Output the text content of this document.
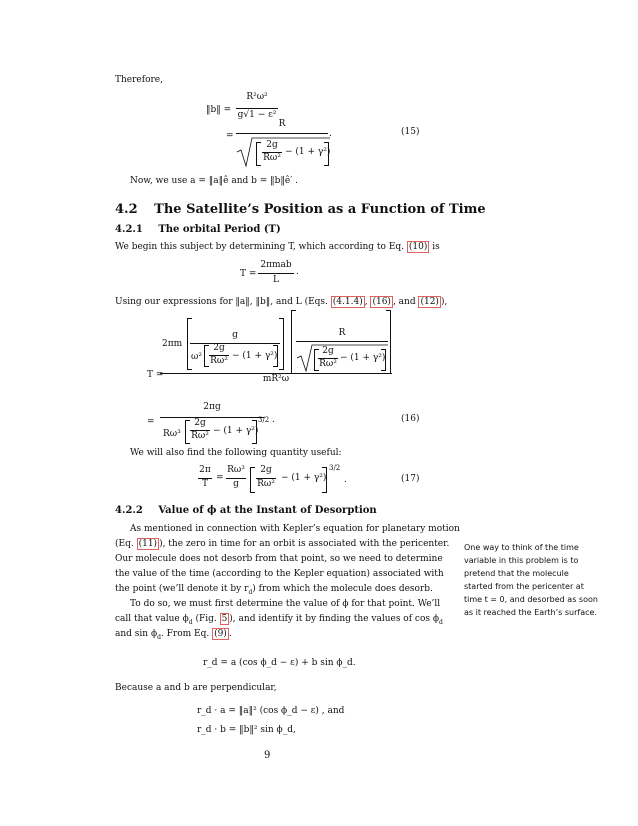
Therefore,
‖b‖ =
R²ω²
g√1 − ε²
=
R
2g
Rω²
− (1 + γ²)
.	(15)
Now, we use a = ‖a‖ê and b = ‖b‖ê′ .
4.2 The Satellite’s Position as a Function of Time
4.2.1 The orbital Period (T)
We begin this subject by determining T, which according to Eq. (10) is
T =
2πmab
L
.
Using our expressions for ‖a‖, ‖b‖, and L (Eqs. (4.1.4) , (16) , and (12) ),
T =
2πm
g
ω²
2g
Rω² − (1 + γ²)
R
2g
Rω²
− (1 + γ²)
mR²ω
=
2πg
Rω³
2g
Rω² − (1 + γ²)
3/2 .	(16)
We will also find the following quantity useful:
2π
T
=
Rω³
g
2g
Rω²
− (1 + γ²)
3/2
.	(17)
4.2.2 Value of ϕ at the Instant of Desorption
As mentioned in connection with Kepler’s equation for planetary motion
(Eq. (11) ), the zero in time for an orbit is associated with the pericenter.
Our molecule does not desorb from that point, so we need to determine
the value of the time (according to the Kepler equation) associated with
the point (we’ll denote it by $r_d$) from which the molecule does desorb.
To do so, we must first determine the value of ϕ for that point. We’ll
call that value $\phi_d$ (Fig. 5 ), and identify it by finding the values of $\cos \phi_d$
and $\sin \phi_d$. From Eq. (9) .
r_d = a (cos ϕ_d − ε) + b sin ϕ_d.
Because a and b are perpendicular,
r_d · a = ‖a‖² (cos ϕ_d − ε) , and
r_d · b = ‖b‖² sin ϕ_d,
One way to think of the time
variable in this problem is to
pretend that the molecule
started from the pericenter at
time t = 0, and desorbed as soon
as it reached the Earth’s surface.
9
